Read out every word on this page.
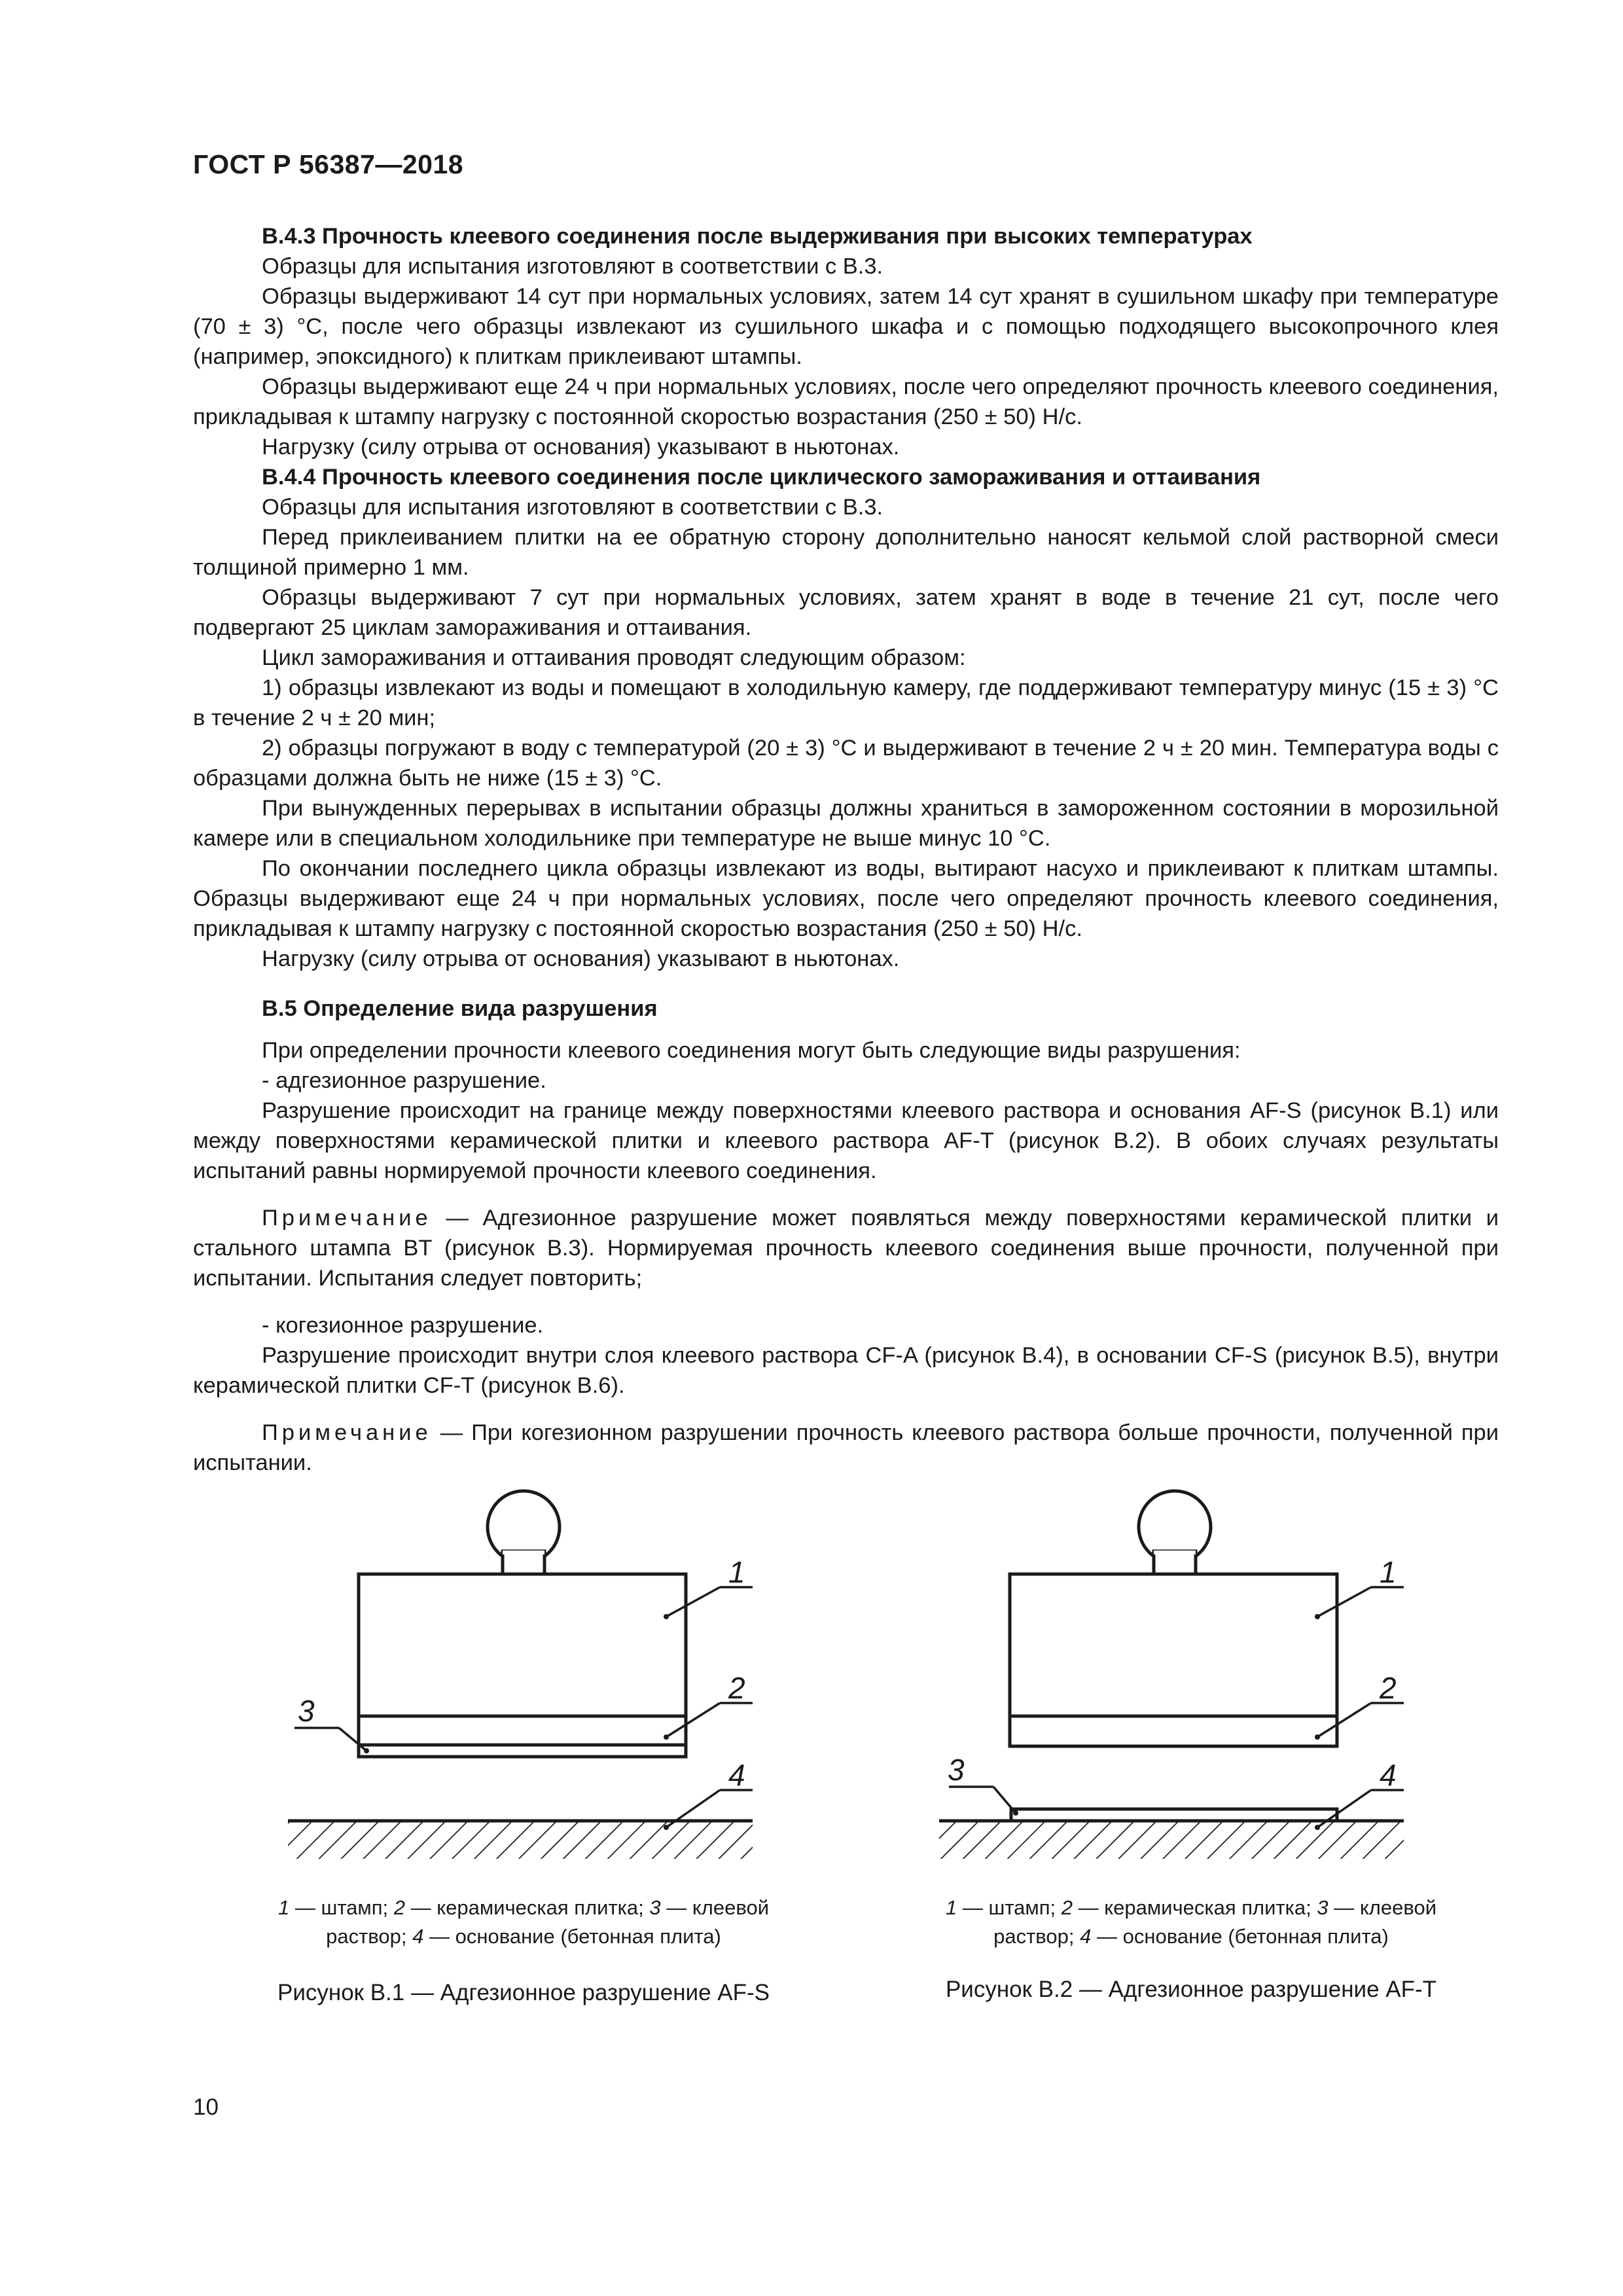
ГОСТ Р 56387—2018

В.4.3 Прочность клеевого соединения после выдерживания при высоких температурах

Образцы для испытания изготовляют в соответствии с В.3.

Образцы выдерживают 14 сут при нормальных условиях, затем 14 сут хранят в сушильном шкафу при температуре (70 ± 3) °С, после чего образцы извлекают из сушильного шкафа и с помощью подходящего высокопрочного клея (например, эпоксидного) к плиткам приклеивают штампы.

Образцы выдерживают еще 24 ч при нормальных условиях, после чего определяют прочность клеевого соединения, прикладывая к штампу нагрузку с постоянной скоростью возрастания (250 ± 50) Н/с.

Нагрузку (силу отрыва от основания) указывают в ньютонах.

В.4.4 Прочность клеевого соединения после циклического замораживания и оттаивания

Образцы для испытания изготовляют в соответствии с В.3.

Перед приклеиванием плитки на ее обратную сторону дополнительно наносят кельмой слой растворной смеси толщиной примерно 1 мм.

Образцы выдерживают 7 сут при нормальных условиях, затем хранят в воде в течение 21 сут, после чего подвергают 25 циклам замораживания и оттаивания.

Цикл замораживания и оттаивания проводят следующим образом:

1) образцы извлекают из воды и помещают в холодильную камеру, где поддерживают температуру минус (15 ± 3) °С в течение 2 ч ± 20 мин;

2) образцы погружают в воду с температурой (20 ± 3) °С и выдерживают в течение 2 ч ± 20 мин. Температура воды с образцами должна быть не ниже (15 ± 3) °С.

При вынужденных перерывах в испытании образцы должны храниться в замороженном состоянии в морозильной камере или в специальном холодильнике при температуре не выше минус 10 °С.

По окончании последнего цикла образцы извлекают из воды, вытирают насухо и приклеивают к плиткам штампы. Образцы выдерживают еще 24 ч при нормальных условиях, после чего определяют прочность клеевого соединения, прикладывая к штампу нагрузку с постоянной скоростью возрастания (250 ± 50) Н/с.

Нагрузку (силу отрыва от основания) указывают в ньютонах.

В.5 Определение вида разрушения

При определении прочности клеевого соединения могут быть следующие виды разрушения:

- адгезионное разрушение.

Разрушение происходит на границе между поверхностями клеевого раствора и основания AF-S (рисунок В.1) или между поверхностями керамической плитки и клеевого раствора AF-T (рисунок В.2). В обоих случаях результаты испытаний равны нормируемой прочности клеевого соединения.

Примечание — Адгезионное разрушение может появляться между поверхностями керамической плитки и стального штампа BT (рисунок В.3). Нормируемая прочность клеевого соединения выше прочности, полученной при испытании. Испытания следует повторить;

- когезионное разрушение.

Разрушение происходит внутри слоя клеевого раствора CF-A (рисунок В.4), в основании CF-S (рисунок В.5), внутри керамической плитки CF-T (рисунок В.6).

Примечание — При когезионном разрушении прочность клеевого раствора больше прочности, полученной при испытании.

1
2
3
4
1
2
3	4
1 — штамп; 2 — керамическая плитка; 3 — клеевой
раствор; 4 — основание (бетонная плита)
Рисунок В.1 — Адгезионное разрушение AF-S
1 — штамп; 2 — керамическая плитка; 3 — клеевой
раствор; 4 — основание (бетонная плита)
Рисунок В.2 — Адгезионное разрушение AF-T
10
